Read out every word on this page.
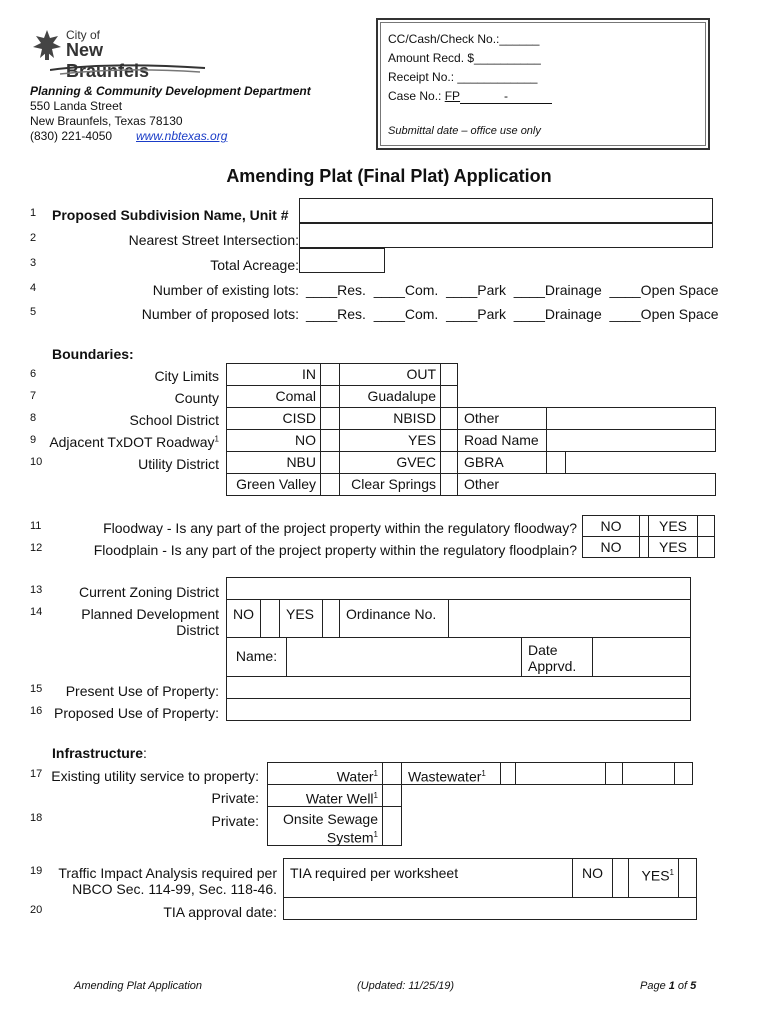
City of
New Braunfels
Planning & Community Development Department
550 Landa Street
New Braunfels, Texas 78130
(830) 221-4050 www.nbtexas.org
CC/Cash/Check No.:______
Amount Recd. $__________
Receipt No.: ____________
Case No.: FP	-
Submittal date – office use only
Amending Plat (Final Plat) Application
1 Proposed Subdivision Name, Unit #
2	Nearest Street Intersection:
3	Total Acreage:
4	Number of existing lots: ____Res.  ____Com.  ____Park  ____Drainage  ____Open Space
5	Number of proposed lots: ____Res.  ____Com.  ____Park  ____Drainage  ____Open Space
Boundaries:
6	City Limits	IN	OUT
7	County	Comal	Guadalupe
8	School District	CISD	NBISD	Other
9 Adjacent TxDOT Roadway$^1$	NO	YES	Road Name
10	Utility District	NBU	GVEC	GBRA
Green Valley	Clear Springs	Other
11	Floodway - Is any part of the project property within the regulatory floodway?	NO	YES
12	Floodplain - Is any part of the project property within the regulatory floodplain?	NO	YES
13	Current Zoning District
14	Planned Development
District
NO	YES	Ordinance No.
Name:	Date
Apprvd.
15 Present Use of Property:
16 Proposed Use of Property:
Infrastructure:
17 Existing utility service to property:	Water$^1$	Wastewater$^1$
Private:	Water Well$^1$
18	Private:	Onsite Sewage
System$^1$
19 Traffic Impact Analysis required per
NBCO Sec. 114-99, Sec. 118-46.
TIA required per worksheet	NO	YES$^1$
20	TIA approval date:
Amending Plat Application	(Updated: 11/25/19)	Page 1 of 5
